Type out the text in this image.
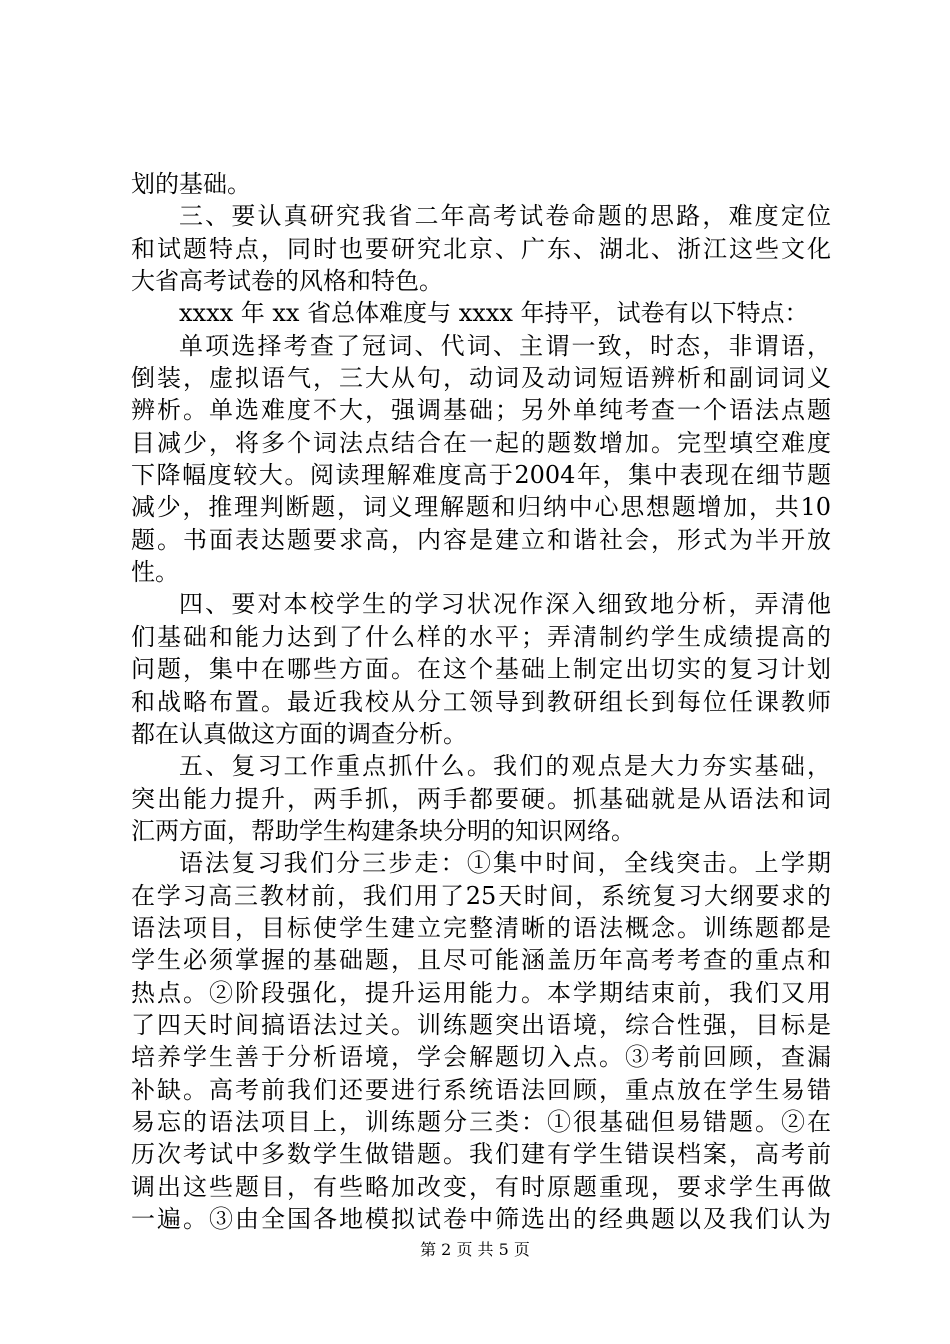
划的基础。
三、要认真研究我省二年高考试卷命题的思路，难度定位
和试题特点，同时也要研究北京、广东、湖北、浙江这些文化
大省高考试卷的风格和特色。
xxxx 年 xx 省总体难度与 xxxx 年持平，试卷有以下特点：
单项选择考查了冠词、代词、主谓一致，时态，非谓语，
倒装，虚拟语气，三大从句，动词及动词短语辨析和副词词义
辨析。单选难度不大，强调基础；另外单纯考查一个语法点题
目减少，将多个词法点结合在一起的题数增加。完型填空难度
下降幅度较大。阅读理解难度高于2004年，集中表现在细节题
减少，推理判断题，词义理解题和归纳中心思想题增加，共10
题。书面表达题要求高，内容是建立和谐社会，形式为半开放
性。
四、要对本校学生的学习状况作深入细致地分析，弄清他
们基础和能力达到了什么样的水平；弄清制约学生成绩提高的
问题，集中在哪些方面。在这个基础上制定出切实的复习计划
和战略布置。最近我校从分工领导到教研组长到每位任课教师
都在认真做这方面的调查分析。
五、复习工作重点抓什么。我们的观点是大力夯实基础，
突出能力提升，两手抓，两手都要硬。抓基础就是从语法和词
汇两方面，帮助学生构建条块分明的知识网络。
语法复习我们分三步走：①集中时间，全线突击。上学期
在学习高三教材前，我们用了25天时间，系统复习大纲要求的
语法项目，目标使学生建立完整清晰的语法概念。训练题都是
学生必须掌握的基础题，且尽可能涵盖历年高考考查的重点和
热点。②阶段强化，提升运用能力。本学期结束前，我们又用
了四天时间搞语法过关。训练题突出语境，综合性强，目标是
培养学生善于分析语境，学会解题切入点。③考前回顾，查漏
补缺。高考前我们还要进行系统语法回顾，重点放在学生易错
易忘的语法项目上，训练题分三类：①很基础但易错题。②在
历次考试中多数学生做错题。我们建有学生错误档案，高考前
调出这些题目，有些略加改变，有时原题重现，要求学生再做
一遍。③由全国各地模拟试卷中筛选出的经典题以及我们认为
第 2 页 共 5 页
